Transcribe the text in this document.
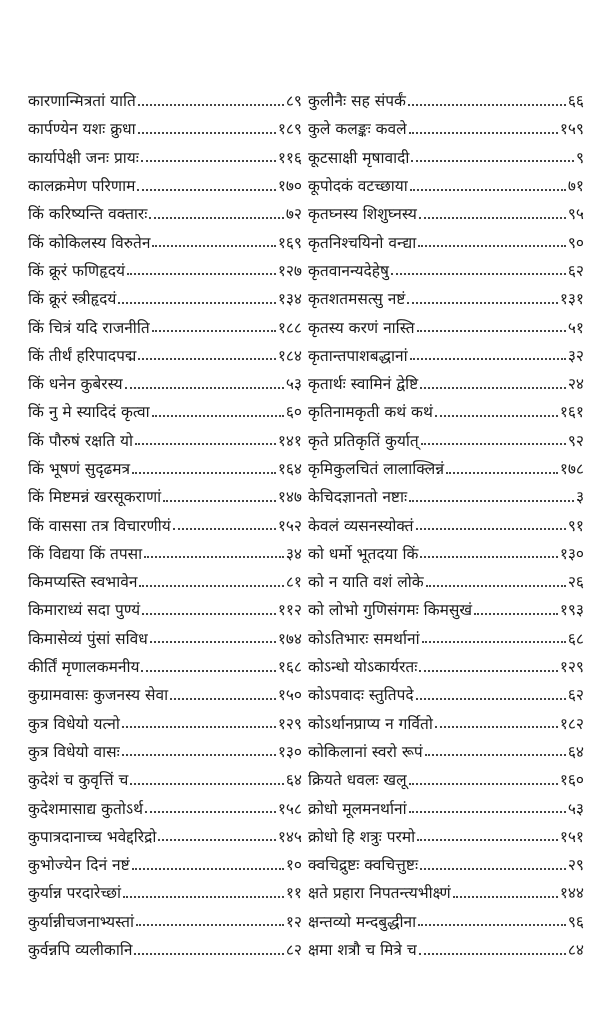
कारणान्मित्रतां याति	८९
कार्पण्येन यशः क्रुधा	१८९
कार्यापेक्षी जनः प्रायः	११६
कालक्रमेण परिणाम	१७०
किं करिष्यन्ति वक्तारः	७२
किं कोकिलस्य विरुतेन	१६९
किं क्रूरं फणिहृदयं	१२७
किं क्रूरं स्त्रीहृदयं	१३४
किं चित्रं यदि राजनीति	१८८
किं तीर्थं हरिपादपद्म	१८४
किं धनेन कुबेरस्य	५३
किं नु मे स्यादिदं कृत्वा	६०
किं पौरुषं रक्षति यो	१४१
किं भूषणं सुदृढमत्र	१६४
किं मिष्टमन्नं खरसूकराणां	१४७
किं वाससा तत्र विचारणीयं	१५२
किं विद्यया किं तपसा	३४
किमप्यस्ति स्वभावेन	८१
किमाराध्यं सदा पुण्यं	११२
किमासेव्यं पुंसां सविध	१७४
कीर्तिं मृणालकमनीय	१६८
कुग्रामवासः कुजनस्य सेवा	१५०
कुत्र विधेयो यत्नो	१२९
कुत्र विधेयो वासः	१३०
कुदेशं च कुवृत्तिं च	६४
कुदेशमासाद्य कुतोऽर्थ	१५८
कुपात्रदानाच्च भवेद्दरिद्रो	१४५
कुभोज्येन दिनं नष्टं	१०
कुर्यान्न परदारेच्छां	११
कुर्यान्नीचजनाभ्यस्तां	१२
कुर्वन्नपि व्यलीकानि	८२
कुलीनैः सह संपर्कं	६६
कुले कलङ्कः कवले	१५९
कूटसाक्षी मृषावादी	९
कूपोदकं वटच्छाया	७१
कृतघ्नस्य शिशुघ्नस्य	९५
कृतनिश्चयिनो वन्द्या	९०
कृतवानन्यदेहेषु	६२
कृतशतमसत्सु नष्टं	१३१
कृतस्य करणं नास्ति	५१
कृतान्तपाशबद्धानां	३२
कृतार्थः स्वामिनं द्वेष्टि	२४
कृतिनामकृती कथं कथं	१६१
कृते प्रतिकृतिं कुर्यात्	९२
कृमिकुलचितं लालाक्लिन्नं	१७८
केचिदज्ञानतो नष्टाः	३
केवलं व्यसनस्योक्तं	९१
को धर्मो भूतदया किं	१३०
को न याति वशं लोके	२६
को लोभो गुणिसंगमः किमसुखं	१९३
कोऽतिभारः समर्थानां	६८
कोऽन्धो योऽकार्यरतः	१२९
कोऽपवादः स्तुतिपदे	६२
कोऽर्थानप्राप्य न गर्वितो	१८२
कोकिलानां स्वरो रूपं	६४
क्रियते धवलः खलू	१६०
क्रोधो मूलमनर्थानां	५३
क्रोधो हि शत्रुः परमो	१५१
क्वचिद्रुष्टः क्वचित्तुष्टः	२९
क्षते प्रहारा निपतन्त्यभीक्ष्णं	१४४
क्षन्तव्यो मन्दबुद्धीना	९६
क्षमा शत्रौ च मित्रे च	८४
